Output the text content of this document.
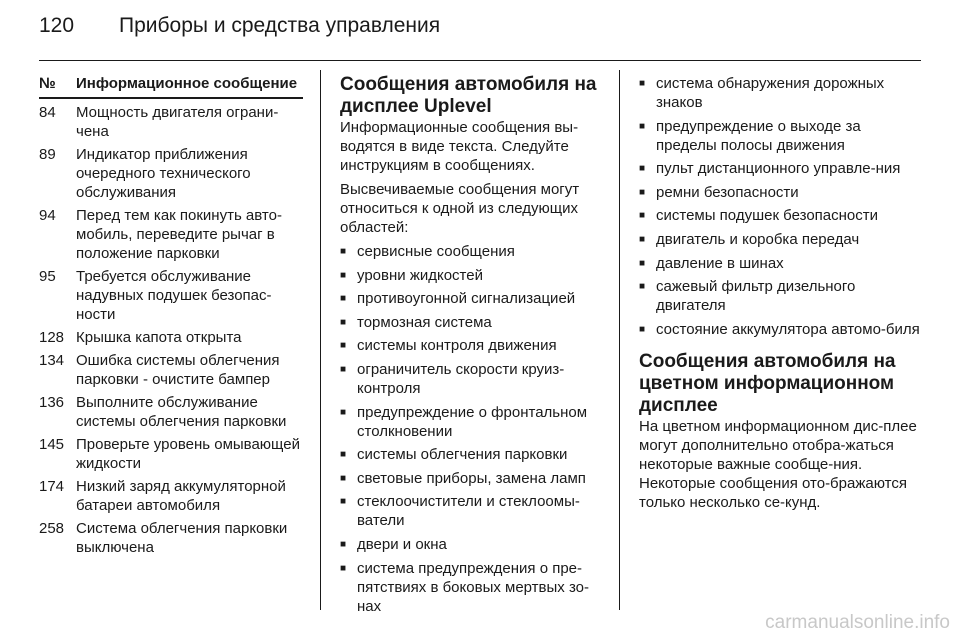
120 Приборы и средства управления
№	Информационное сообщение
84	Мощность двигателя ограни-чена
89	Индикатор приближения очередного технического обслуживания
94	Перед тем как покинуть авто-мобиль, переведите рычаг в положение парковки
95	Требуется обслуживание надувных подушек безопас-ности
128 Крышка капота открыта
134 Ошибка системы облегчения парковки - очистите бампер
136 Выполните обслуживание системы облегчения парковки
145 Проверьте уровень омывающей жидкости
174 Низкий заряд аккумуляторной батареи автомобиля
258 Система облегчения парковки выключена
Сообщения автомобиля на дисплее Uplevel

Информационные сообщения вы-водятся в виде текста. Следуйте инструкциям в сообщениях.

Высвечиваемые сообщения могут относиться к одной из следующих областей:

■ сервисные сообщения
■ уровни жидкостей
■ противоугонной сигнализацией
■ тормозная система
■ системы контроля движения
■ ограничитель скорости круиз-контроля
■ предупреждение о фронтальном столкновении
■ системы облегчения парковки
■ световые приборы, замена ламп
■ стеклоочистители и стеклоомы-ватели
■ двери и окна
■ система предупреждения о пре-пятствиях в боковых мертвых зо-нах
■ система обнаружения дорожных знаков
■ предупреждение о выходе за пределы полосы движения
■ пульт дистанционного управле-ния
■ ремни безопасности
■ системы подушек безопасности
■ двигатель и коробка передач
■ давление в шинах
■ сажевый фильтр дизельного двигателя
■ состояние аккумулятора автомо-биля
Сообщения автомобиля на цветном информационном дисплее

На цветном информационном дис-плее могут дополнительно отобра-жаться некоторые важные сообще-ния. Некоторые сообщения ото-бражаются только несколько се-кунд.

carmanualsonline.info
